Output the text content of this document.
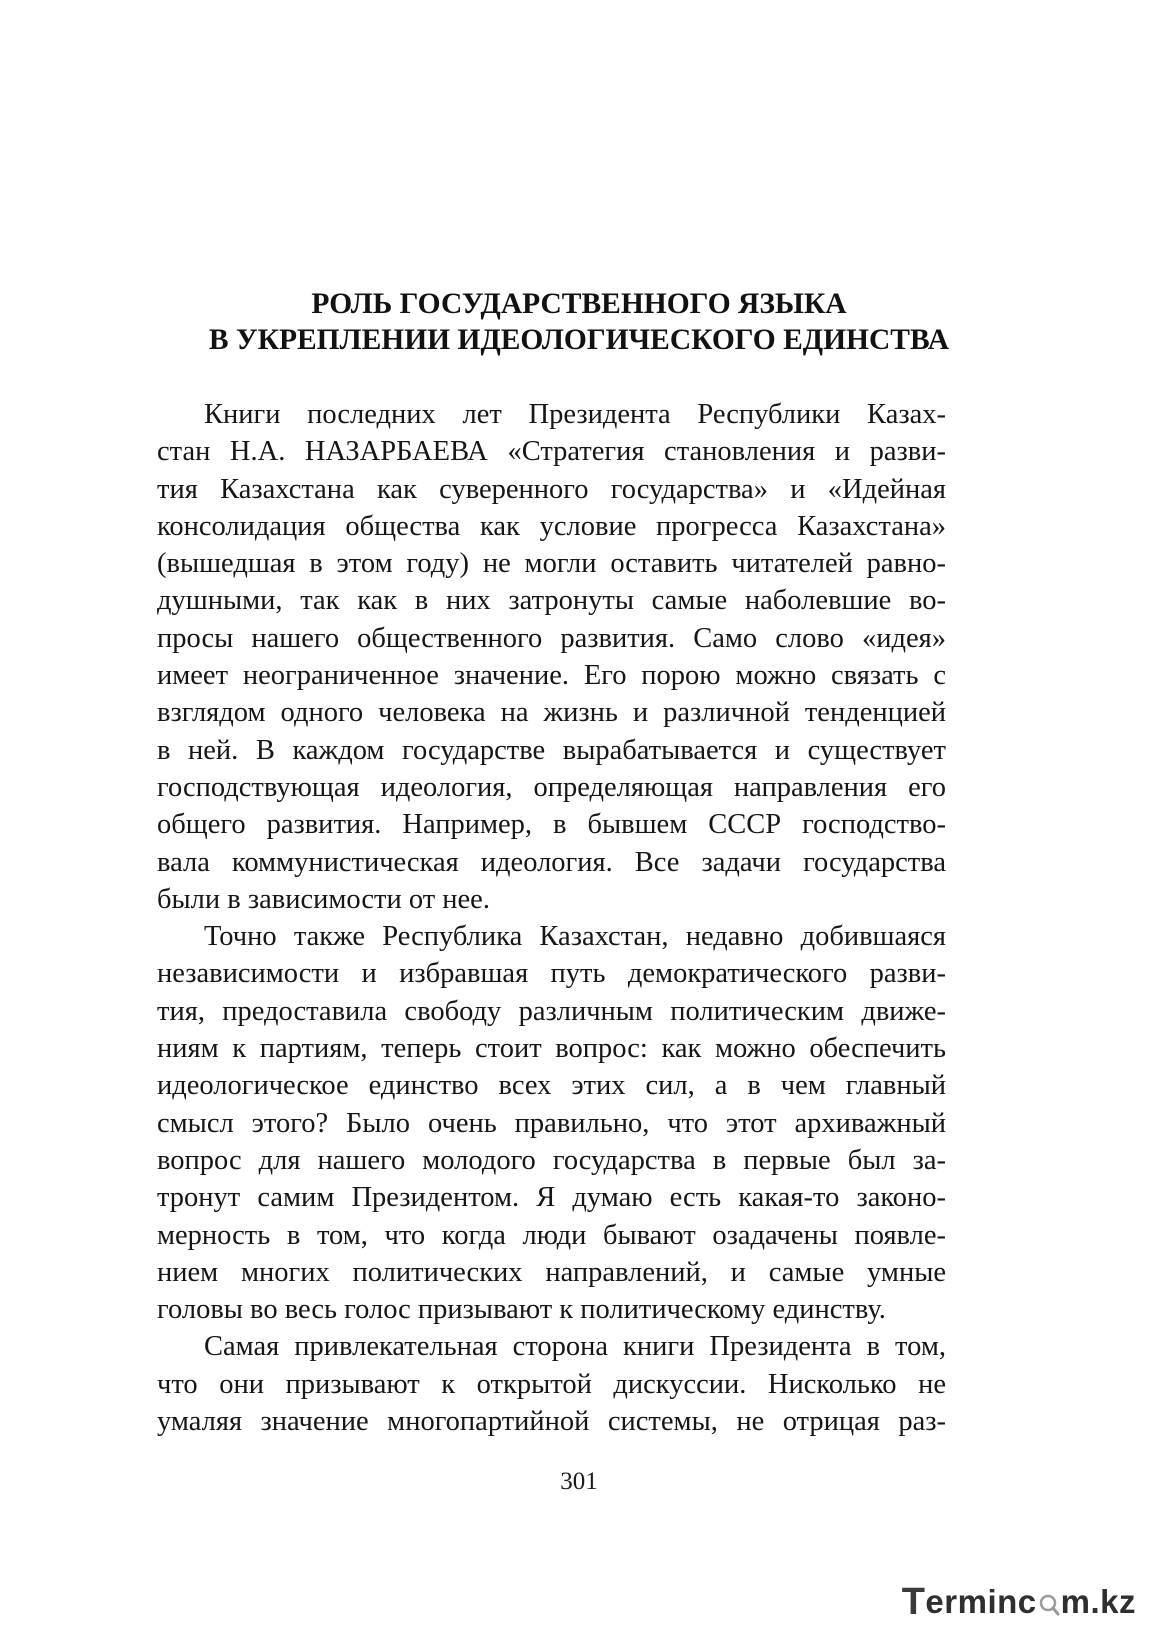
РОЛЬ ГОСУДАРСТВЕННОГО ЯЗЫКА
В УКРЕПЛЕНИИ ИДЕОЛОГИЧЕСКОГО ЕДИНСТВА
Книги последних лет Президента Республики Казах-
стан Н.А. НАЗАРБАЕВА «Стратегия становления и разви-
тия Казахстана как суверенного государства» и «Идейная
консолидация общества как условие прогресса Казахстана»
(вышедшая в этом году) не могли оставить читателей равно-
душными, так как в них затронуты самые наболевшие во-
просы нашего общественного развития. Само слово «идея»
имеет неограниченное значение. Его порою можно связать с
взглядом одного человека на жизнь и различной тенденцией
в ней. В каждом государстве вырабатывается и существует
господствующая идеология, определяющая направления его
общего развития. Например, в бывшем СССР господство-
вала коммунистическая идеология. Все задачи государства
были в зависимости от нее.
Точно также Республика Казахстан, недавно добившаяся
независимости и избравшая путь демократического разви-
тия, предоставила свободу различным политическим движе-
ниям к партиям, теперь стоит вопрос: как можно обеспечить
идеологическое единство всех этих сил, а в чем главный
смысл этого? Было очень правильно, что этот архиважный
вопрос для нашего молодого государства в первые был за-
тронут самим Президентом. Я думаю есть какая-то законо-
мерность в том, что когда люди бывают озадачены появле-
нием многих политических направлений, и самые умные
головы во весь голос призывают к политическому единству.
Самая привлекательная сторона книги Президента в том,
что они призывают к открытой дискуссии. Нисколько не
умаляя значение многопартийной системы, не отрицая раз-
301
T erminc m.kz
